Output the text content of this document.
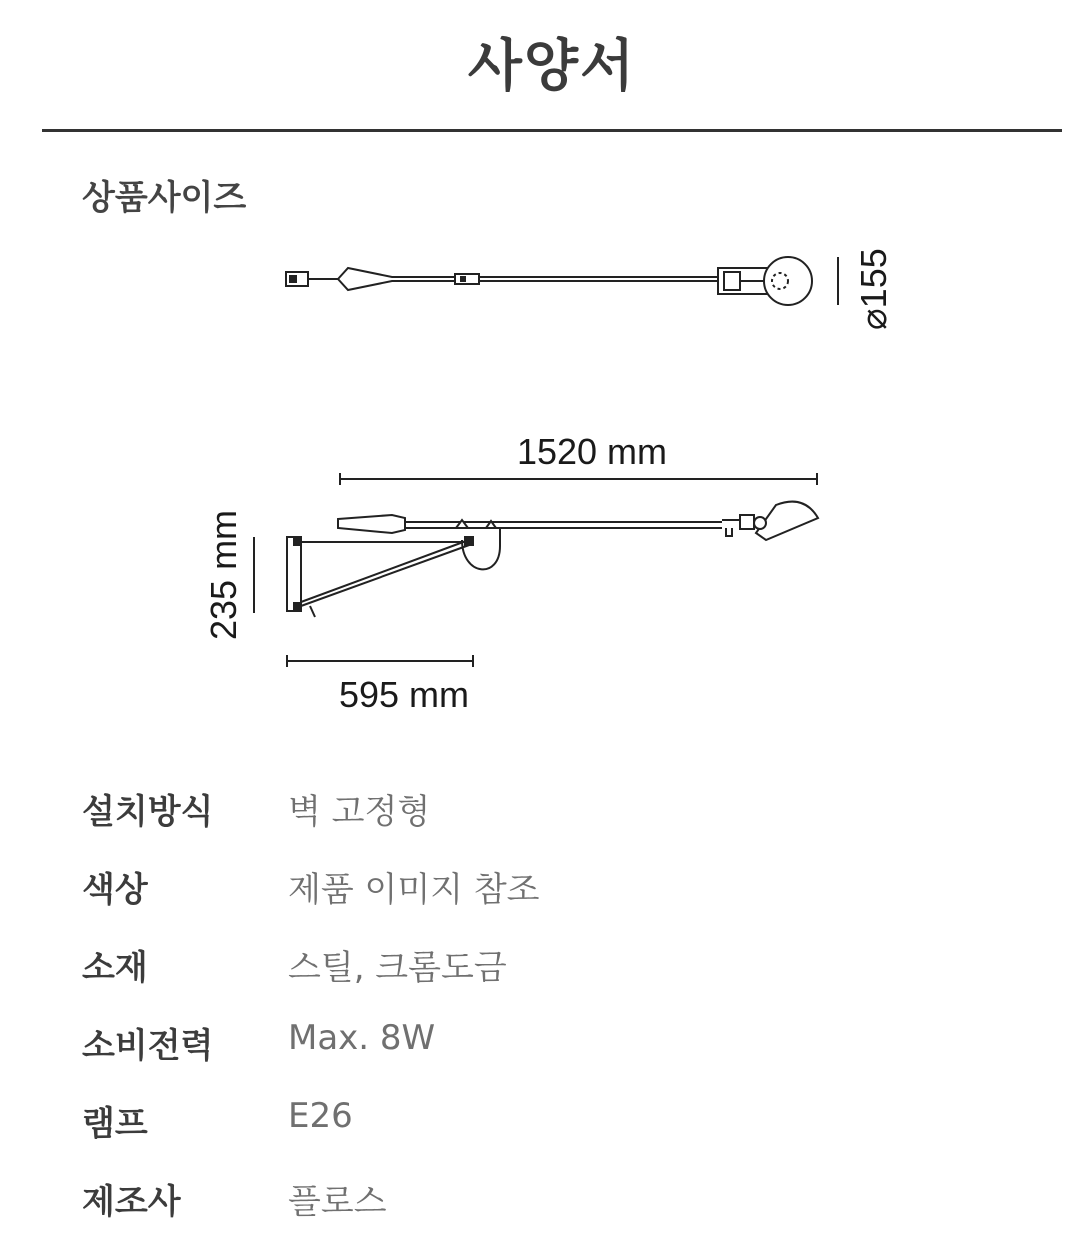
사양서
상품사이즈
⌀155
1520 mm
235 mm
595 mm
설치방식 벽 고정형
색상	제품 이미지 참조
소재	스틸, 크롬도금
소비전력 Max. 8W
램프	E26
제조사	플로스
